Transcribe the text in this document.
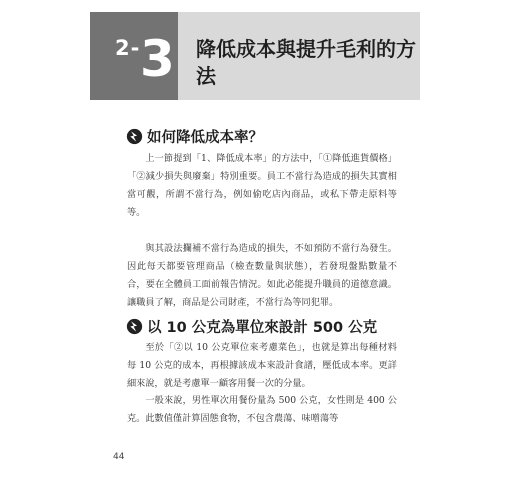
2- 3 降低成本與提升毛利的方法
如何降低成本率？

上一節提到「1、降低成本率」的方法中，「①降低進貨價格」「②減少損失與廢棄」特別重要。員工不當行為造成的損失其實相當可觀，所謂不當行為，例如偷吃店內商品，或私下帶走原料等等。

與其設法攔補不當行為造成的損失，不如預防不當行為發生。因此每天都要管理商品（檢查數量與狀態），若發現盤點數量不合，要在全體員工面前報告情況。如此必能提升職員的道德意識。讓職員了解，商品是公司財產，不當行為等同犯罪。

以 10 公克為單位來設計 500 公克

至於「②以 10 公克單位來考慮菜色」，也就是算出每種材料每 10 公克的成本，再根據該成本來設計食譜，壓低成本率。更詳細來說，就是考慮單一顧客用餐一次的分量。

一般來說，男性單次用餐份量為 500 公克，女性則是 400 公克。此數值僅計算固態食物，不包含農蕩、味噌蕩等

44
